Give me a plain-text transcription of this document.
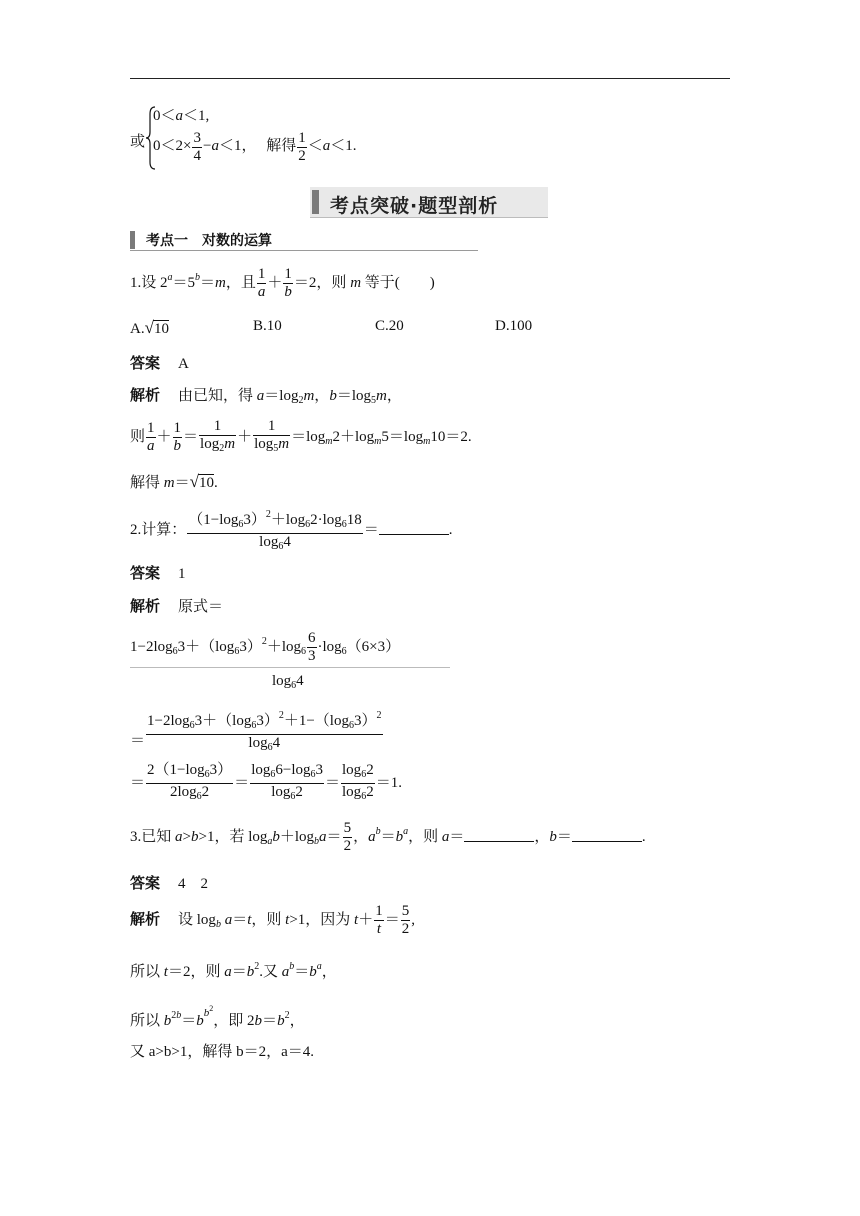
或
0＜a＜1,
$0<2\times \frac{3}{4} -a<1$， 解得 $\frac{1}{2} <a<1$.
考点突破·题型剖析
考点一　对数的运算
1.设 $2^a=5^b=m$，且 $\frac{1}{a} + \frac{1}{b} =2$，则 m 等于(　　)
A.√10	B.10	C.20	D.100
答案 A
解析 由已知，得 $a=\log_2m$，$b=\log_5m$，
则 $\frac{1}{a} + \frac{1}{b} = \frac{1}{\log_2m} + \frac{1}{\log_5m} =\log_m2+\log_m5=\log_m10=2$.
解得 m＝√10.
2.计算： $\frac{(1-\log_63)^2+\log_62\cdot\log_618}{\log_64}$ ＝	.
答案 1
解析 原式＝
$1-2\log_63+(\log_63)^2+\log_6 \frac{6}{3} \cdot\log_6(6\times 3)$
$\log_64$
＝ $\frac{1-2\log_63+(\log_63)^2+1-(\log_63)^2}{\log_64}$
＝ $\frac{2(1-\log_63)}{2\log_62} = \frac{\log_66-\log_63}{\log_62} = \frac{\log_62}{\log_62} =1$.
3.已知 a>b>1，若 $\log_ab+\log_ba= \frac{5}{2}$ ，$a^b=b^a$，则 a＝	，b＝	.
答案 4　2
解析 设 $\log_b a=t$，则 t>1，因为 $t+ \frac{1}{t} = \frac{5}{2}$ ,
所以 t＝2，则 $a=b^2$.又 $a^b=b^a$，
所以 $b^{2b}=b^{b^2}$，即 $2b=b^2$，
又 a>b>1，解得 b＝2，a＝4.
